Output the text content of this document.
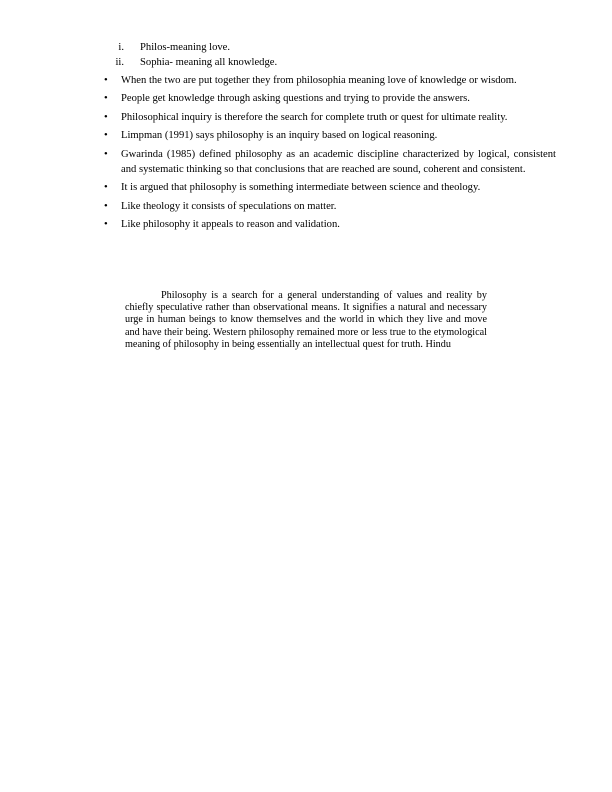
i. Philos-meaning love.
ii. Sophia- meaning all knowledge.
•	When the two are put together they from philosophia meaning love of knowledge or wisdom.
•	People get knowledge through asking questions and trying to provide the answers.
•	Philosophical inquiry is therefore the search for complete truth or quest for ultimate reality.
•	Limpman (1991) says philosophy is an inquiry based on logical reasoning.
•	Gwarinda (1985) defined philosophy as an academic discipline characterized by logical, consistent and systematic thinking so that conclusions that are reached are sound, coherent and consistent.
•	It is argued that philosophy is something intermediate between science and theology.
•	Like theology it consists of speculations on matter.
•	Like philosophy it appeals to reason and validation.

Philosophy is a search for a general understanding of values and reality by chiefly speculative rather than observational means. It signifies a natural and necessary urge in human beings to know themselves and the world in which they live and move and have their being. Western philosophy remained more or less true to the etymological meaning of philosophy in being essentially an intellectual quest for truth. Hindu
